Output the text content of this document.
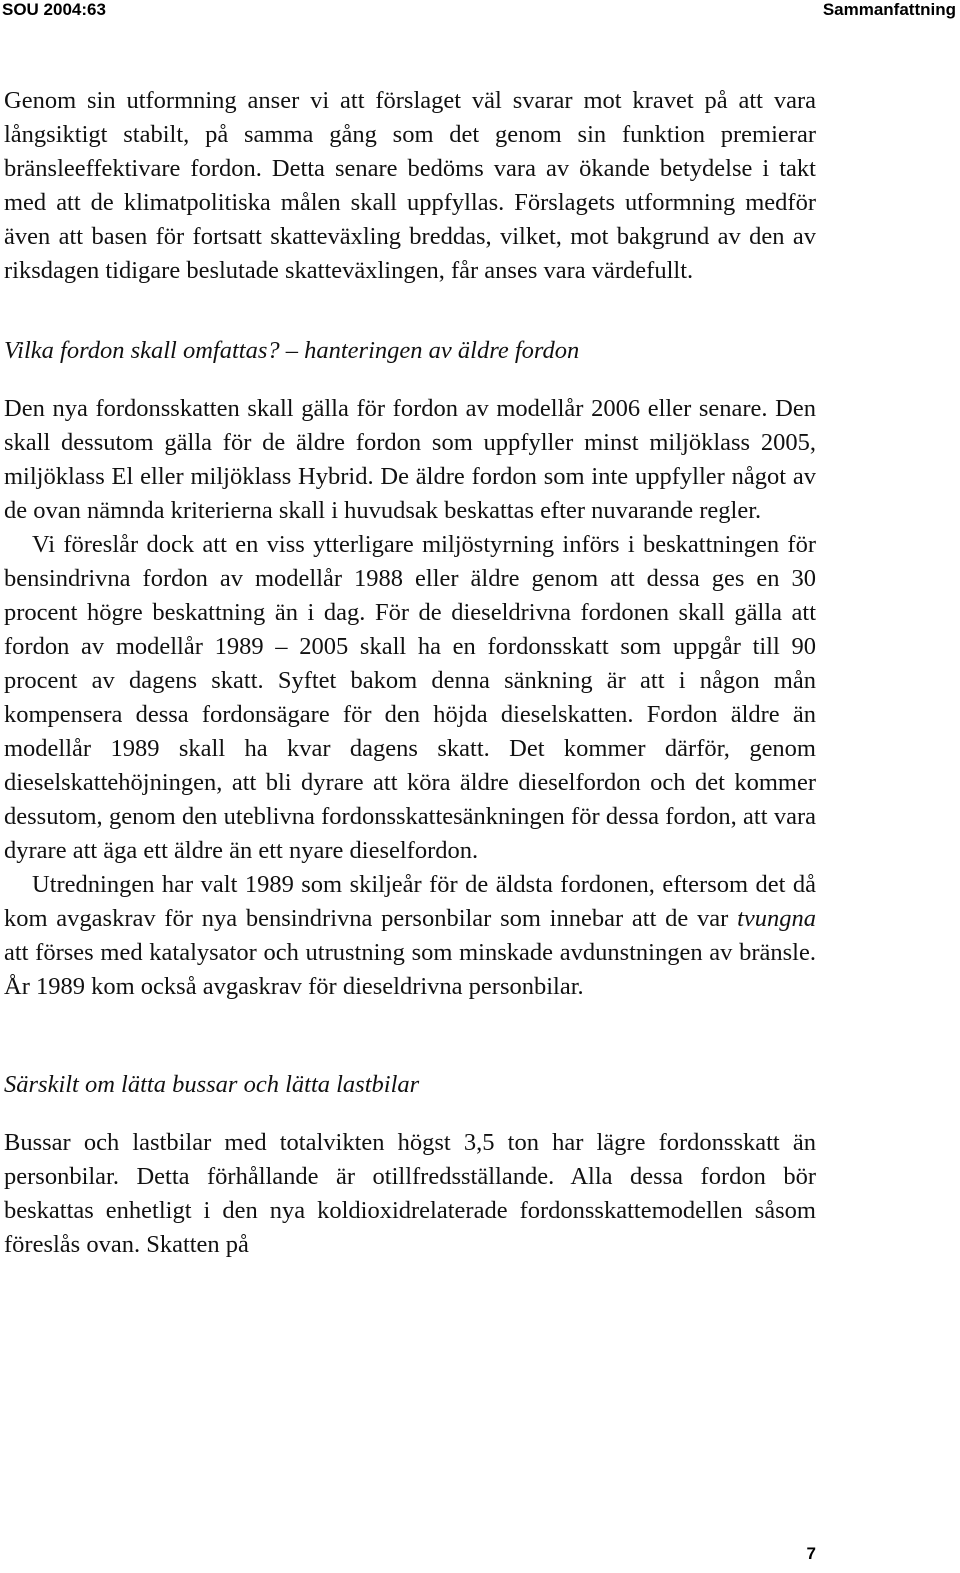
SOU 2004:63	Sammanfattning

Genom sin utformning anser vi att förslaget väl svarar mot kravet på att vara långsiktigt stabilt, på samma gång som det genom sin funktion premierar bränsleeffektivare fordon. Detta senare bedöms vara av ökande betydelse i takt med att de klimatpolitiska målen skall uppfyllas. Förslagets utformning medför även att basen för fortsatt skatteväxling breddas, vilket, mot bakgrund av den av riksdagen tidigare beslutade skatteväxlingen, får anses vara värdefullt.

Vilka fordon skall omfattas? – hanteringen av äldre fordon

Den nya fordonsskatten skall gälla för fordon av modellår 2006 eller senare. Den skall dessutom gälla för de äldre fordon som uppfyller minst miljöklass 2005, miljöklass El eller miljöklass Hybrid. De äldre fordon som inte uppfyller något av de ovan nämnda kriterierna skall i huvudsak beskattas efter nuvarande regler.

Vi föreslår dock att en viss ytterligare miljöstyrning införs i beskattningen för bensindrivna fordon av modellår 1988 eller äldre genom att dessa ges en 30 procent högre beskattning än i dag. För de dieseldrivna fordonen skall gälla att fordon av modellår 1989 – 2005 skall ha en fordonsskatt som uppgår till 90 procent av dagens skatt. Syftet bakom denna sänkning är att i någon mån kompensera dessa fordonsägare för den höjda dieselskatten. Fordon äldre än modellår 1989 skall ha kvar dagens skatt. Det kommer därför, genom dieselskattehöjningen, att bli dyrare att köra äldre dieselfordon och det kommer dessutom, genom den uteblivna fordonsskattesänkningen för dessa fordon, att vara dyrare att äga ett äldre än ett nyare dieselfordon.

Utredningen har valt 1989 som skiljeår för de äldsta fordonen, eftersom det då kom avgaskrav för nya bensindrivna personbilar som innebar att de var tvungna att förses med katalysator och utrustning som minskade avdunstningen av bränsle. År 1989 kom också avgaskrav för dieseldrivna personbilar.

Särskilt om lätta bussar och lätta lastbilar

Bussar och lastbilar med totalvikten högst 3,5 ton har lägre fordonsskatt än personbilar. Detta förhållande är otillfredsställande. Alla dessa fordon bör beskattas enhetligt i den nya koldioxidrelaterade fordonsskattemodellen såsom föreslås ovan. Skatten på

7
